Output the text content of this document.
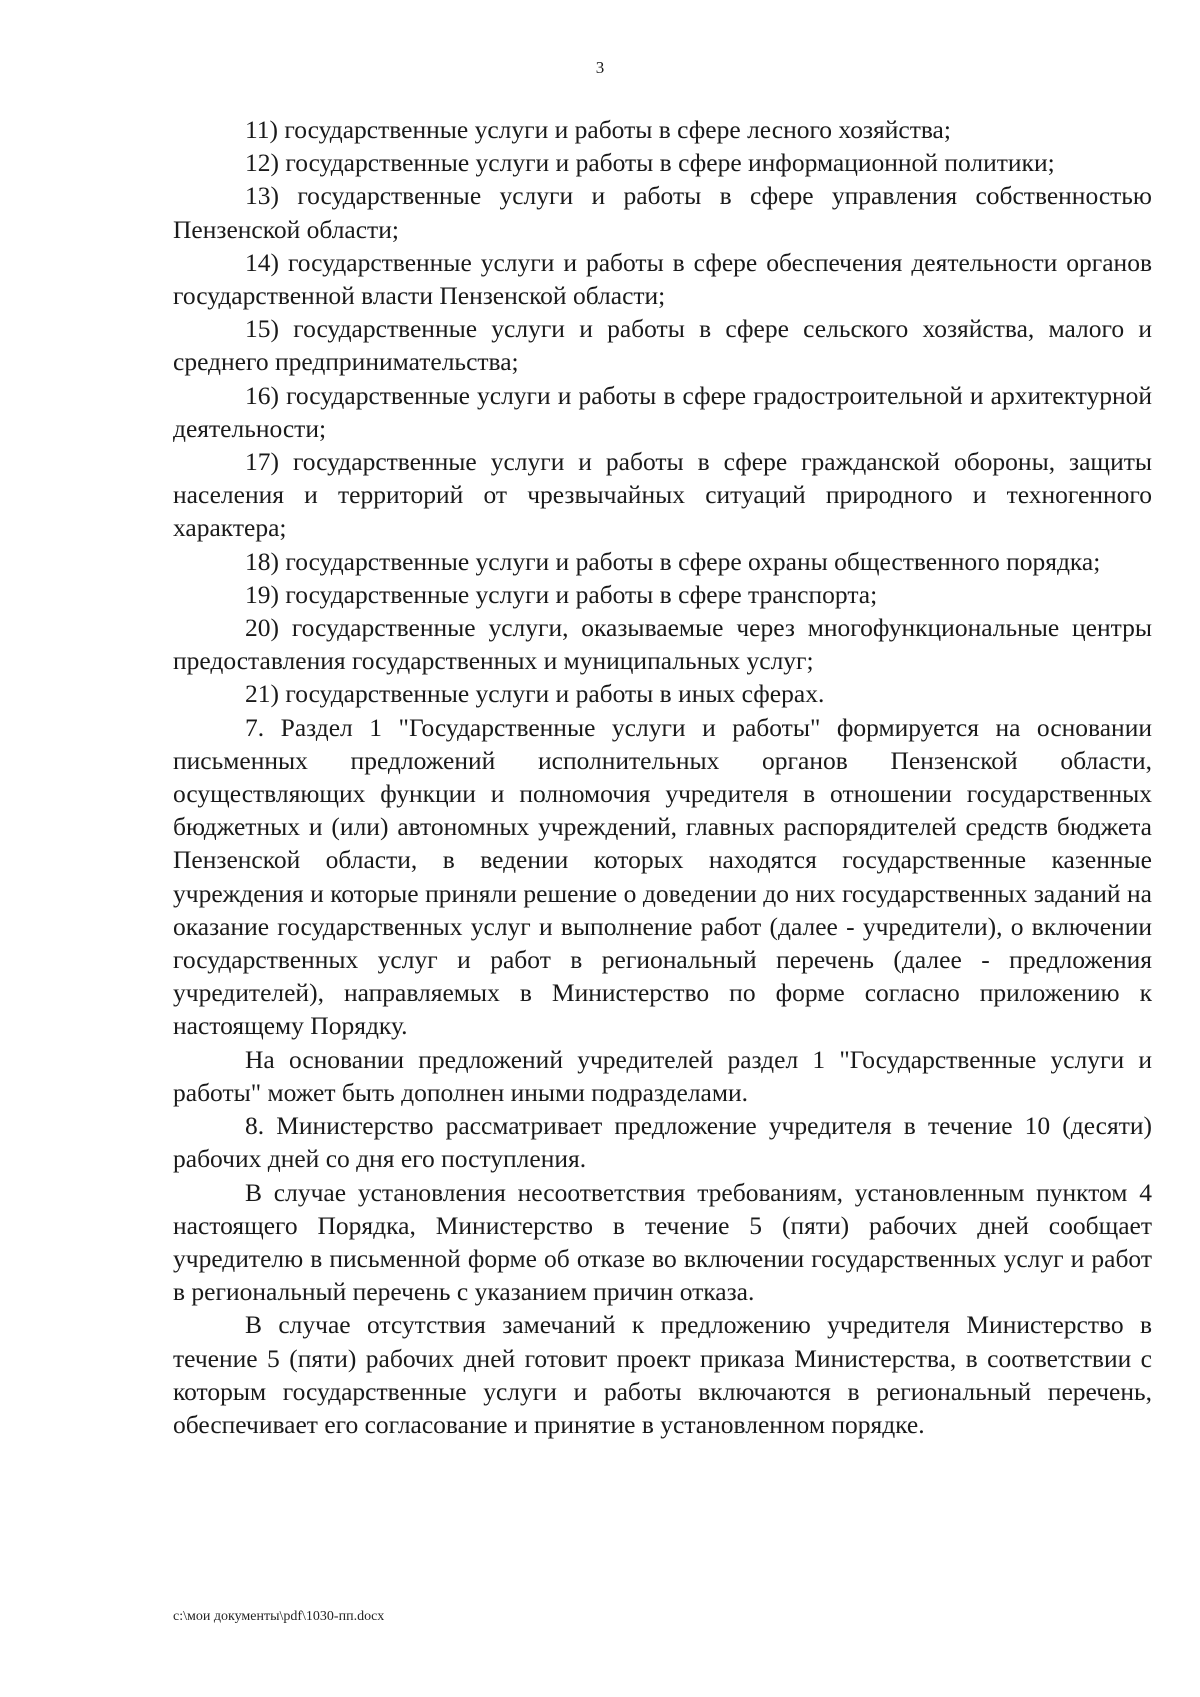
3

11) государственные услуги и работы в сфере лесного хозяйства;

12) государственные услуги и работы в сфере информационной политики;

13) государственные услуги и работы в сфере управления собственностью Пензенской области;

14) государственные услуги и работы в сфере обеспечения деятельности органов государственной власти Пензенской области;

15) государственные услуги и работы в сфере сельского хозяйства, малого и среднего предпринимательства;

16) государственные услуги и работы в сфере градостроительной и архитектурной деятельности;

17) государственные услуги и работы в сфере гражданской обороны, защиты населения и территорий от чрезвычайных ситуаций природного и техногенного характера;

18) государственные услуги и работы в сфере охраны общественного порядка;

19) государственные услуги и работы в сфере транспорта;

20) государственные услуги, оказываемые через многофункциональные центры предоставления государственных и муниципальных услуг;

21) государственные услуги и работы в иных сферах.

7. Раздел 1 "Государственные услуги и работы" формируется на основании письменных предложений исполнительных органов Пензенской области, осуществляющих функции и полномочия учредителя в отношении государственных бюджетных и (или) автономных учреждений, главных распорядителей средств бюджета Пензенской области, в ведении которых находятся государственные казенные учреждения и которые приняли решение о доведении до них государственных заданий на оказание государственных услуг и выполнение работ (далее - учредители), о включении государственных услуг и работ в региональный перечень (далее - предложения учредителей), направляемых в Министерство по форме согласно приложению к настоящему Порядку.

На основании предложений учредителей раздел 1 "Государственные услуги и работы" может быть дополнен иными подразделами.

8. Министерство рассматривает предложение учредителя в течение 10 (десяти) рабочих дней со дня его поступления.

В случае установления несоответствия требованиям, установленным пунктом 4 настоящего Порядка, Министерство в течение 5 (пяти) рабочих дней сообщает учредителю в письменной форме об отказе во включении государственных услуг и работ в региональный перечень с указанием причин отказа.

В случае отсутствия замечаний к предложению учредителя Министерство в течение 5 (пяти) рабочих дней готовит проект приказа Министерства, в соответствии с которым государственные услуги и работы включаются в региональный перечень, обеспечивает его согласование и принятие в установленном порядке.

c:\мои документы\pdf\1030-пп.docx
